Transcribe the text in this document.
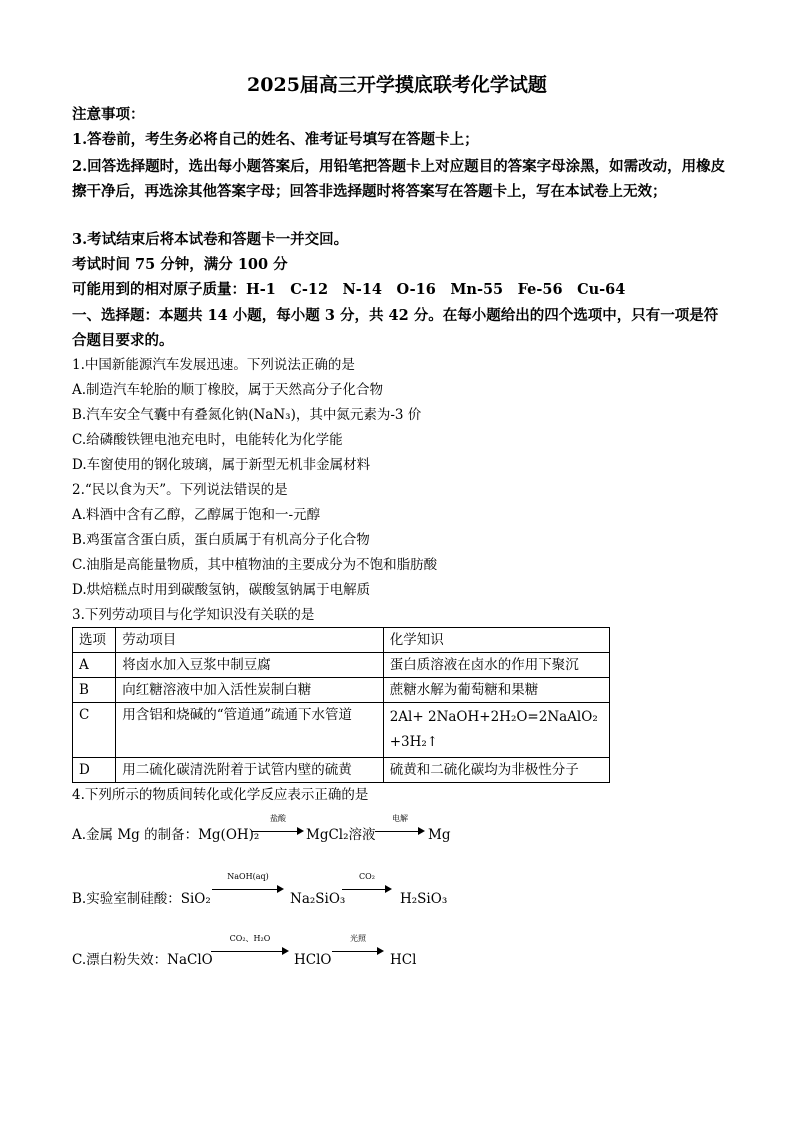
2025届高三开学摸底联考化学试题
注意事项：
1.答卷前，考生务必将自己的姓名、准考证号填写在答题卡上；
2.回答选择题时，选出每小题答案后，用铅笔把答题卡上对应题目的答案字母涂黑，如需改动，用橡皮擦干净后，再选涂其他答案字母；回答非选择题时将答案写在答题卡上，写在本试卷上无效；
3.考试结束后将本试卷和答题卡一并交回。
考试时间 75 分钟，满分 100 分
可能用到的相对原子质量：H-1　C-12　N-14　O-16　Mn-55　Fe-56　Cu-64
一、选择题：本题共 14 小题，每小题 3 分，共 42 分。在每小题给出的四个选项中，只有一项是符合题目要求的。
1.中国新能源汽车发展迅速。下列说法正确的是
A.制造汽车轮胎的顺丁橡胶，属于天然高分子化合物
B.汽车安全气囊中有叠氮化钠(NaN₃)，其中氮元素为-3 价
C.给磷酸铁锂电池充电时，电能转化为化学能
D.车窗使用的钢化玻璃，属于新型无机非金属材料
2.“民以食为天”。下列说法错误的是
A.料酒中含有乙醇，乙醇属于饱和一-元醇
B.鸡蛋富含蛋白质，蛋白质属于有机高分子化合物
C.油脂是高能量物质，其中植物油的主要成分为不饱和脂肪酸
D.烘焙糕点时用到碳酸氢钠，碳酸氢钠属于电解质
3.下列劳动项目与化学知识没有关联的是
选项	劳动项目	化学知识
A	将卤水加入豆浆中制豆腐	蛋白质溶液在卤水的作用下聚沉
B	向红糖溶液中加入活性炭制白糖	蔗糖水解为葡萄糖和果糖
C	用含铝和烧碱的“管道通”疏通下水管道	2Al+ 2NaOH+2H₂O=2NaAlO₂ +3H₂↑
D	用二硫化碳清洗附着于试管内壁的硫黄	硫黄和二硫化碳均为非极性分子
4.下列所示的物质间转化或化学反应表示正确的是
A.金属 Mg 的制备：Mg(OH)₂
盐酸
MgCl₂溶液
电解
Mg
B.实验室制硅酸：SiO₂
NaOH(aq)
Na₂SiO₃
CO₂
H₂SiO₃
C.漂白粉失效：NaClO
CO₂、H₂O
HClO
光照
HCl
